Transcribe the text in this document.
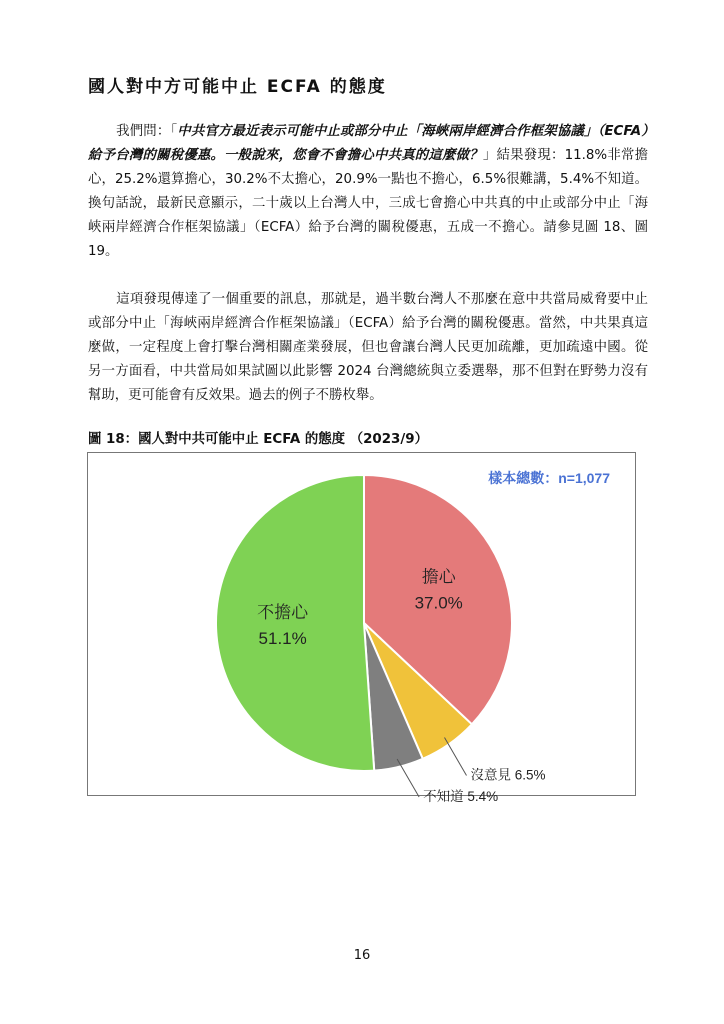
國人對中方可能中止 ECFA 的態度

我們問：「中共官方最近表示可能中止或部分中止「海峽兩岸經濟合作框架協議」（ECFA）給予台灣的關稅優惠。一般說來，您會不會擔心中共真的這麼做？」結果發現：11.8%非常擔心，25.2%還算擔心，30.2%不太擔心，20.9%一點也不擔心，6.5%很難講，5.4%不知道。換句話說，最新民意顯示，二十歲以上台灣人中，三成七會擔心中共真的中止或部分中止「海峽兩岸經濟合作框架協議」（ECFA）給予台灣的關稅優惠，五成一不擔心。請參見圖 18、圖 19。

這項發現傳達了一個重要的訊息，那就是，過半數台灣人不那麼在意中共當局威脅要中止或部分中止「海峽兩岸經濟合作框架協議」（ECFA）給予台灣的關稅優惠。當然，中共果真這麼做，一定程度上會打擊台灣相關產業發展，但也會讓台灣人民更加疏離，更加疏遠中國。從另一方面看，中共當局如果試圖以此影響 2024 台灣總統與立委選舉，那不但對在野勢力沒有幫助，更可能會有反效果。過去的例子不勝枚舉。

圖 18：國人對中共可能中止 ECFA 的態度 （2023/9）
樣本總數：n=1,077
擔心
37.0%
沒意見 6.5%
不知道 5.4%
不擔心
51.1%
16
